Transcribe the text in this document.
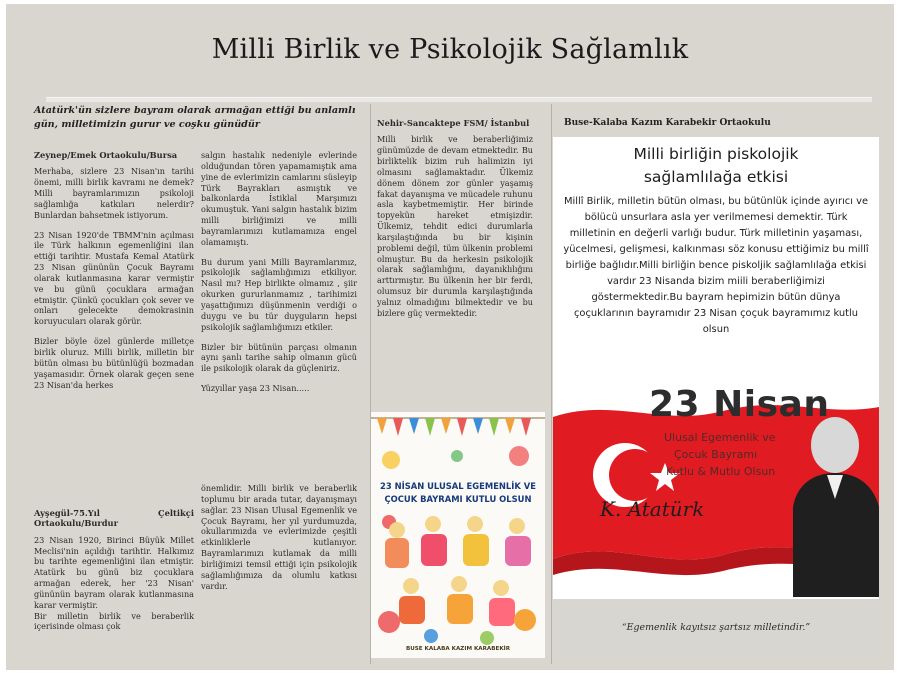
Milli Birlik ve Psikolojik Sağlamlık
Atatürk'ün sizlere bayram olarak armağan ettiği bu anlamlı gün, milletimizin gurur ve coşku günüdür
Zeynep/Emek Ortaokulu/Bursa

Merhaba, sizlere 23 Nisan'ın tarihi önemi, milli birlik kavramı ne demek? Milli bayramlarımızın psikoloji sağlamlığa katkıları nelerdir? Bunlardan bahsetmek istiyorum.

23 Nisan 1920'de TBMM'nin açılması ile Türk halkının egemenliğini ilan ettiği tarihtir. Mustafa Kemal Atatürk 23 Nisan gününün Çocuk Bayramı olarak kutlanmasına karar vermiştir ve bu günü çocuklara armağan etmiştir. Çünkü çocukları çok sever ve onları gelecekte demokrasinin koruyucuları olarak görür.

Bizler böyle özel günlerde milletçe birlik oluruz. Milli birlik, milletin bir bütün olması bu bütünlüğü bozmadan yaşamasıdır. Örnek olarak geçen sene 23 Nisan'da herkes

salgın hastalık nedeniyle evlerinde olduğundan tören yapamamıştık ama yine de evlerimizin camlarını süsleyip Türk Bayrakları asmıştık ve balkonlarda İstiklal Marşımızı okumuştuk. Yani salgın hastalık bizim milli birliğimizi ve milli bayramlarımızı kutlamamıza engel olamamıştı.

Bu durum yani Milli Bayramlarımız, psikolojik sağlamlığımızı etkiliyor. Nasıl mı? Hep birlikte olmamız , şiir okurken gururlanmamız , tarihimizi yaşattığımızı düşünmenin verdiği o duygu ve bu tür duyguların hepsi psikolojik sağlamlığımızı etkiler.

Bizler bir bütünün parçası olmanın aynı şanlı tarihe sahip olmanın gücü ile psikolojik olarak da güçleniriz.

Yüzyıllar yaşa 23 Nisan.....

Ayşegül-75.Yıl Çeltikçi Ortaokulu/Burdur

23 Nisan 1920, Birinci Büyük Millet Meclisi'nin açıldığı tarihtir. Halkımız bu tarihte egemenliğini ilan etmiştir. Atatürk bu günü biz çocuklara armağan ederek, her '23 Nisan' gününün bayram olarak kutlanmasına karar vermiştir.
Bir milletin birlik ve beraberlik içerisinde olması çok

önemlidir. Milli birlik ve beraberlik toplumu bir arada tutar, dayanışmayı sağlar. 23 Nisan Ulusal Egemenlik ve Çocuk Bayramı, her yıl yurdumuzda, okullarımızda ve evlerimizde çeşitli etkinliklerle kutlanıyor. Bayramlarımızı kutlamak da milli birliğimizi temsil ettiği için psikolojik sağlamlığımıza da olumlu katkısı vardır.

Nehir-Sancaktepe FSM/ İstanbul

Milli birlik ve beraberliğimiz günümüzde de devam etmektedir. Bu birliktelik bizim ruh halimizin iyi olmasını sağlamaktadır. Ülkemiz dönem dönem zor günler yaşamış fakat dayanışma ve mücadele ruhunu asla kaybetmemiştir. Her birinde topyekün hareket etmişizdir. Ülkemiz, tehdit edici durumlarla karşılaştığında bu bir kişinin problemi değil, tüm ülkenin problemi olmuştur. Bu da herkesin psikolojik olarak sağlamlığını, dayanıklılığını arttırmıştır. Bu ülkenin her bir ferdi, olumsuz bir durumla karşılaştığında yalnız olmadığını bilmektedir ve bu bizlere güç vermektedir.

23 NİSAN ULUSAL EGEMENLİK VE
ÇOCUK BAYRAMI KUTLU OLSUN
BUSE KALABA KAZIM KARABEKİR
Buse-Kalaba Kazım Karabekir Ortaokulu
Milli birliğin piskolojik
sağlamlılağa etkisi
Millî Birlik, milletin bütün olması, bu bütünlük içinde ayırıcı ve bölücü unsurlara asla yer verilmemesi demektir. Türk milletinin en değerli varlığı budur. Türk milletinin yaşaması, yücelmesi, gelişmesi, kalkınması söz konusu ettiğimiz bu millî birliğe bağlıdır.Milli birliğin bence piskoljik sağlamlılağa etkisi vardır 23 Nisanda bizim miili beraberliğimizi göstermektedir.Bu bayram hepimizin bütün dünya çoçuklarının bayramıdır 23 Nisan çoçuk bayramımız kutlu olsun
23 Nisan
Ulusal Egemenlik ve
Çocuk Bayramı
Kutlu & Mutlu Olsun
K. Atatürk
“Egemenlik kayıtsız şartsız milletindir.”
